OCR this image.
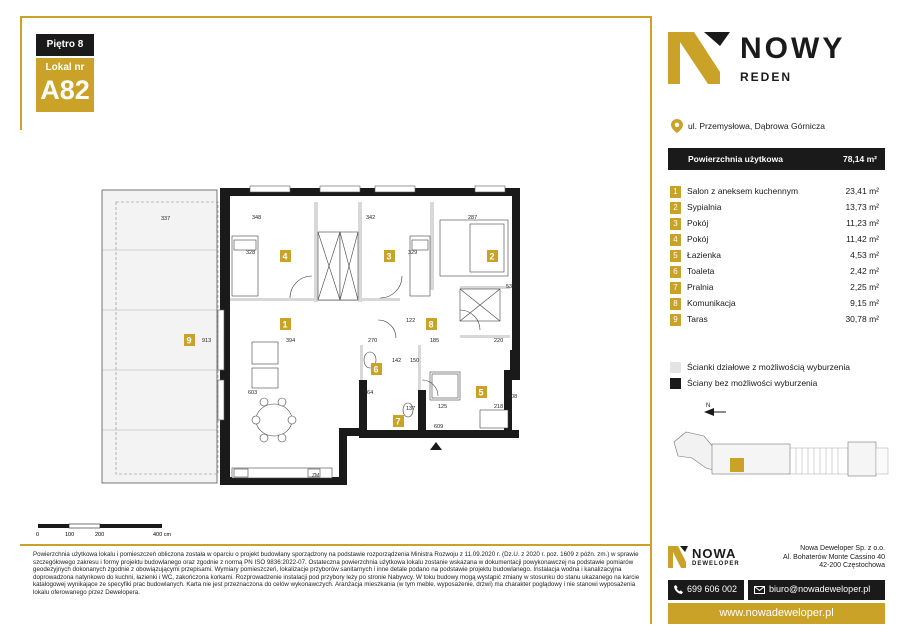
Piętro 8
Lokal nr
A82
NOWY
REDEN
ul. Przemysłowa, Dąbrowa Górnicza
Powierzchnia użytkowa	78,14 m²
1	Salon z aneksem kuchennym	23,41 m²
2	Sypialnia	13,73 m²
3	Pokój	11,23 m²
4	Pokój	11,42 m²
5	Łazienka	4,53 m²
6	Toaleta	2,42 m²
7	Pralnia	2,25 m²
8	Komunikacja	9,15 m²
9	Taras	30,78 m²
Ścianki działowe z możliwością wyburzenia
Ściany bez możliwości wyburzenia
N
ZM
337	348	342	287
328	329
538
394	270	185
122
142 150
220
164
137	125	218
208
603
913
609
4	3	2
1	8
9
6
5
7
0	100	200	400 cm
Powierzchnia użytkowa lokalu i pomieszczeń obliczona została w oparciu o projekt budowlany sporządzony na podstawie rozporządzenia Ministra Rozwoju z 11.09.2020 r. (Dz.U. z 2020 r. poz. 1609 z późn. zm.) w sprawie szczegółowego zakresu i formy projektu budowlanego oraz zgodnie z normą PN ISO 9836:2022-07. Ostateczna powierzchnia użytkowa lokalu zostanie wskazana w dokumentacji powykonawczej na podstawie pomiarów geodezyjnych dokonanych zgodnie z obowiązującymi przepisami. Wymiary pomieszczeń, lokalizacje przyborów sanitarnych i inne detale podano na podstawie projektu budowlanego. Instalacja wodna i kanalizacyjna doprowadzona natynkowo do kuchni, łazienki i WC, zakończona korkami. Rozprowadzenie instalacji pod przybory leży po stronie Nabywcy. W toku budowy mogą wystąpić zmiany w stosunku do stanu ukazanego na karcie katalogowej wynikające ze specyfiki prac budowlanych. Karta nie jest przeznaczona do celów wykonawczych. Aranżacja mieszkania (w tym meble, wyposażenie, drzwi) ma charakter poglądowy i nie stanowi wyposażenia lokalu oferowanego przez Dewelopera.
NOWA
DEWELOPER
Nowa Deweloper Sp. z o.o.
Al. Bohaterów Monte Cassino 40
42-200 Częstochowa
699 606 002	biuro@nowadeweloper.pl
www.nowadeweloper.pl
